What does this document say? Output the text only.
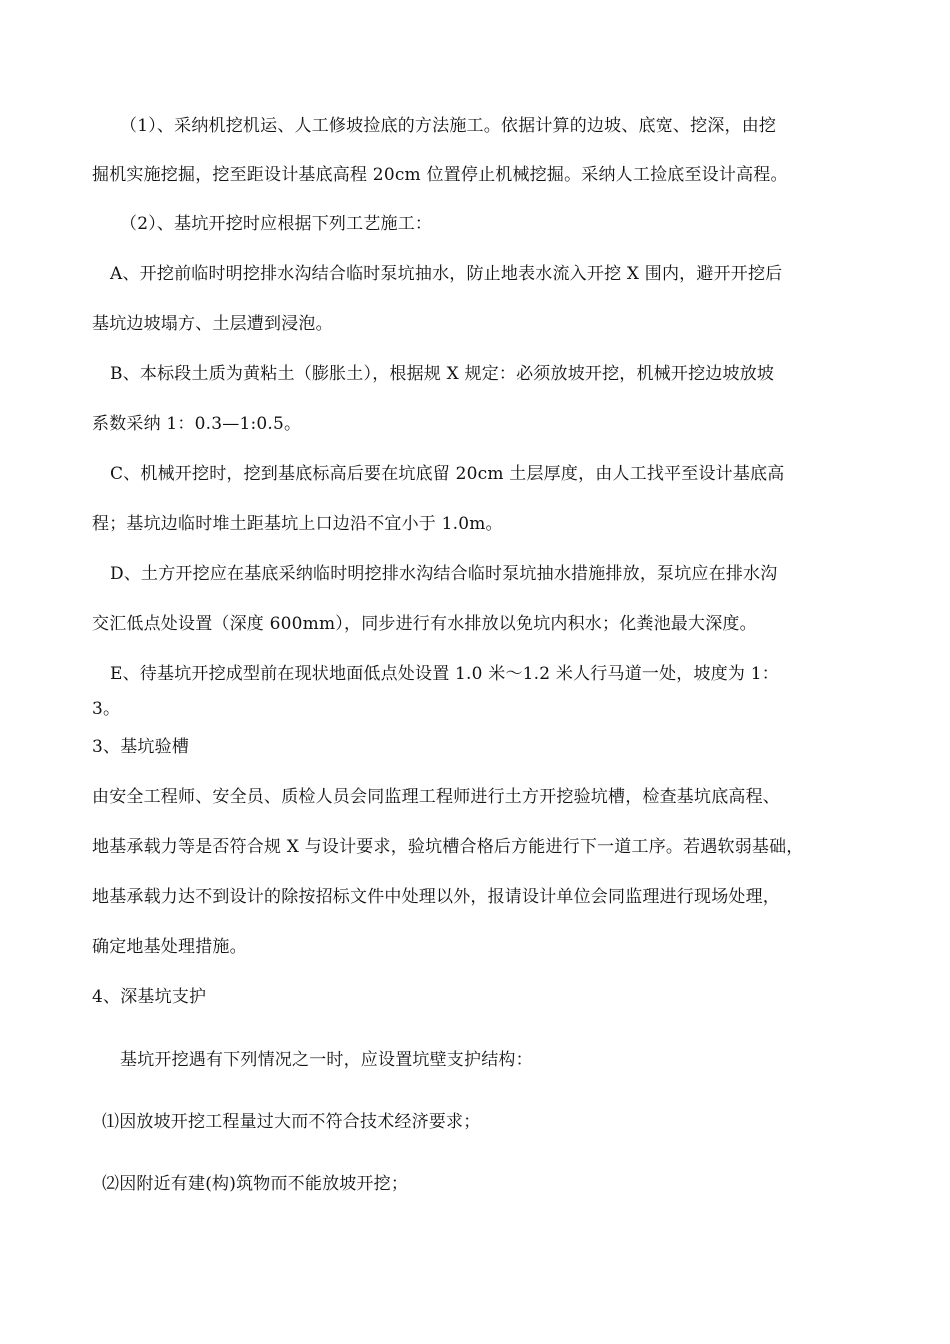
（1）、采纳机挖机运、人工修坡捡底的方法施工。依据计算的边坡、底宽、挖深，由挖
掘机实施挖掘，挖至距设计基底高程 20cm 位置停止机械挖掘。采纳人工捡底至设计高程。
（2）、基坑开挖时应根据下列工艺施工：
A、开挖前临时明挖排水沟结合临时泵坑抽水，防止地表水流入开挖 X 围内，避开开挖后
基坑边坡塌方、土层遭到浸泡。
B、本标段土质为黄粘土（膨胀土），根据规 X 规定：必须放坡开挖，机械开挖边坡放坡
系数采纳 1：0.3—1:0.5。
C、机械开挖时，挖到基底标高后要在坑底留 20cm 土层厚度，由人工找平至设计基底高
程；基坑边临时堆土距基坑上口边沿不宜小于 1.0m。
D、土方开挖应在基底采纳临时明挖排水沟结合临时泵坑抽水措施排放，泵坑应在排水沟
交汇低点处设置（深度 600mm），同步进行有水排放以免坑内积水；化粪池最大深度。
E、待基坑开挖成型前在现状地面低点处设置 1.0 米～1.2 米人行马道一处，坡度为 1：
3。
3、基坑验槽
由安全工程师、安全员、质检人员会同监理工程师进行土方开挖验坑槽，检查基坑底高程、
地基承载力等是否符合规 X 与设计要求，验坑槽合格后方能进行下一道工序。若遇软弱基础，
地基承载力达不到设计的除按招标文件中处理以外，报请设计单位会同监理进行现场处理，
确定地基处理措施。
4、深基坑支护
基坑开挖遇有下列情况之一时，应设置坑壁支护结构：
⑴因放坡开挖工程量过大而不符合技术经济要求；
⑵因附近有建(构)筑物而不能放坡开挖；
